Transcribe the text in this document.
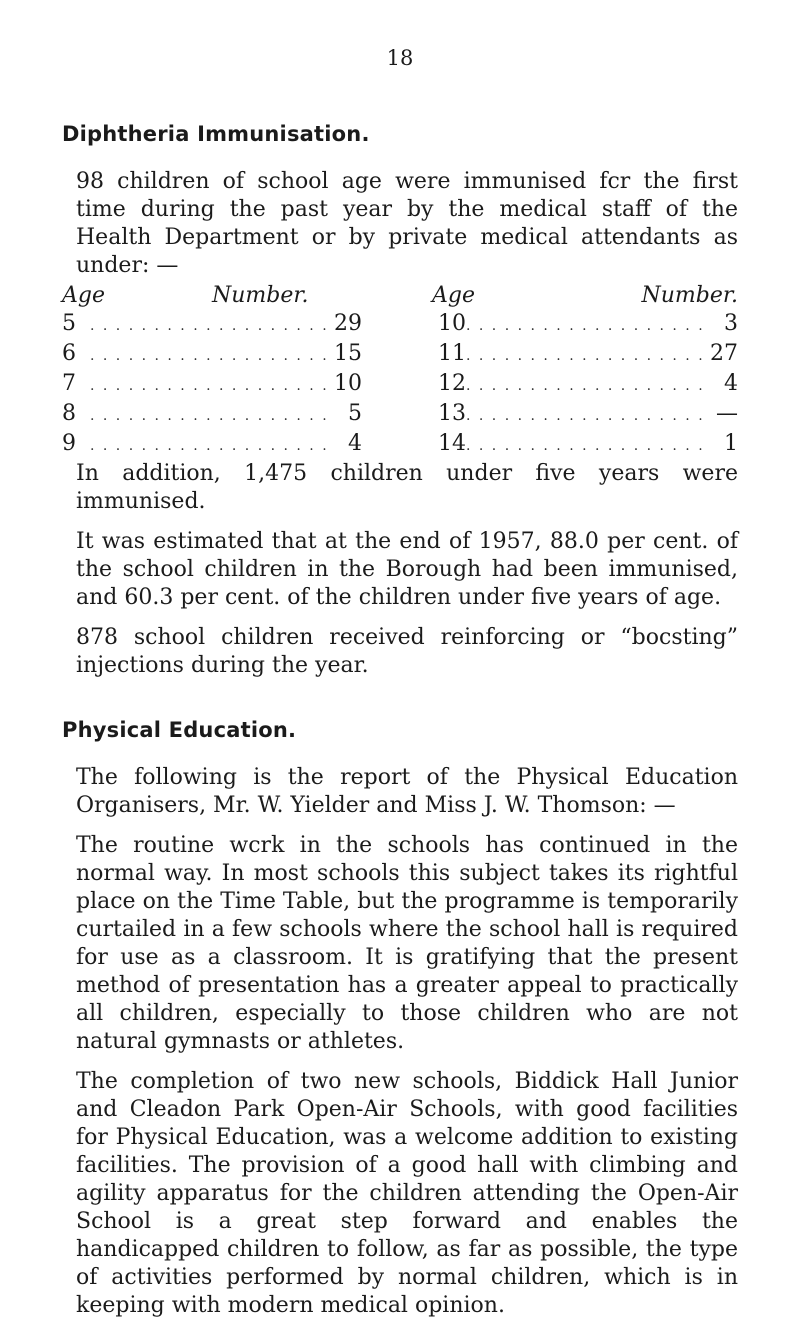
18
Diphtheria Immunisation.

98 children of school age were immunised fcr the first time during the past year by the medical staff of the Health Department or by private medical attendants as under: —

Age	Number.	Age	Number.
5 . . .	29	10 . . .	3
6 . . .	15	11 . . .	27
7 . . .	10	12 . . .	4
8 . . .	5	13 . . .	—
9 . . .	4	14 . . .	1

In addition, 1,475 children under five years were immunised.

It was estimated that at the end of 1957, 88.0 per cent. of the school children in the Borough had been immunised, and 60.3 per cent. of the children under five years of age.

878 school children received reinforcing or “bocsting” injections during the year.

Physical Education.

The following is the report of the Physical Education Organisers, Mr. W. Yielder and Miss J. W. Thomson: —

The routine wcrk in the schools has continued in the normal way. In most schools this subject takes its rightful place on the Time Table, but the programme is temporarily curtailed in a few schools where the school hall is required for use as a classroom. It is gratifying that the present method of presentation has a greater appeal to practically all children, especially to those children who are not natural gymnasts or athletes.

The completion of two new schools, Biddick Hall Junior and Cleadon Park Open-Air Schools, with good facilities for Physical Education, was a welcome addition to existing facilities. The provision of a good hall with climbing and agility apparatus for the children attending the Open-Air School is a great step forward and enables the handicapped children to follow, as far as possible, the type of activities performed by normal children, which is in keeping with modern medical opinion.
